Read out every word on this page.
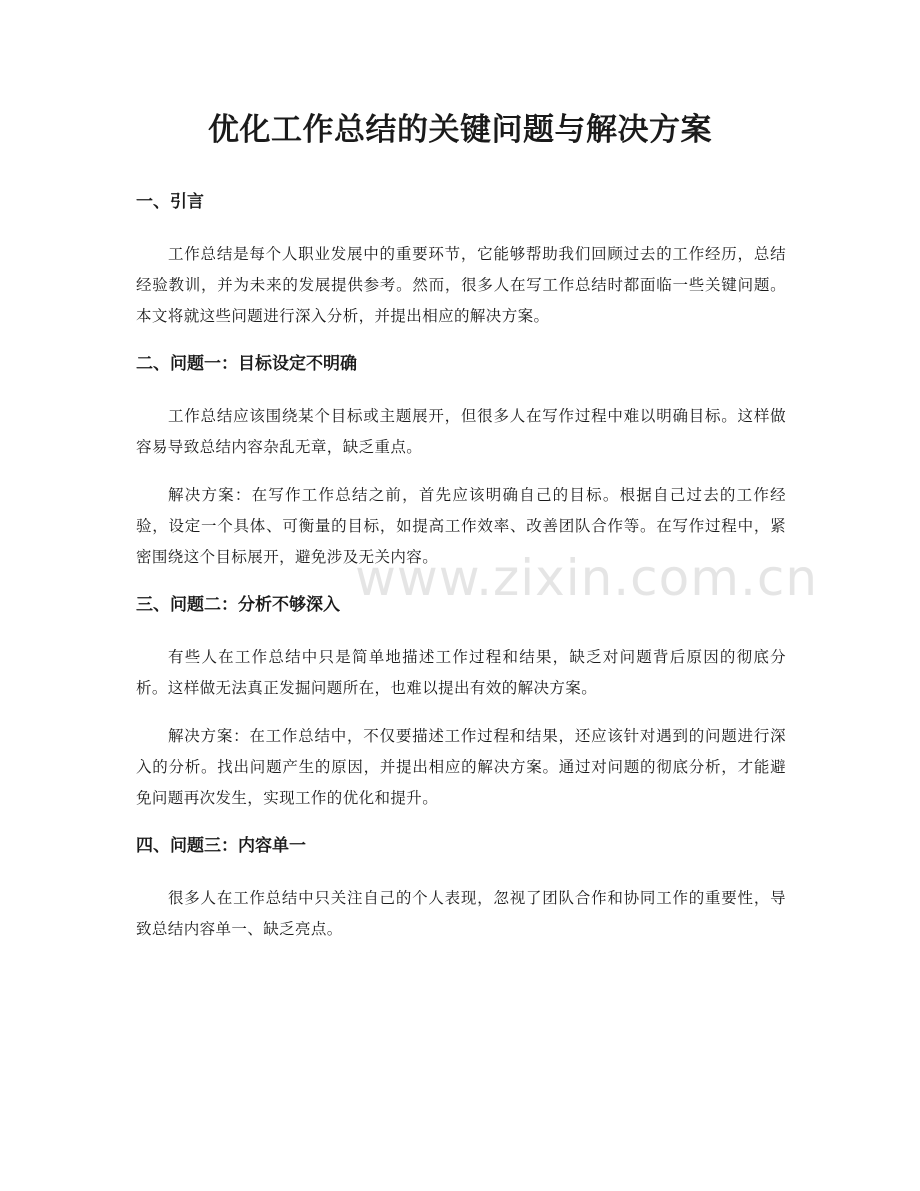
优化工作总结的关键问题与解决方案
www.zixin.com.cn
一、引言

工作总结是每个人职业发展中的重要环节，它能够帮助我们回顾过去的工作经历，总结经验教训，并为未来的发展提供参考。然而，很多人在写工作总结时都面临一些关键问题。本文将就这些问题进行深入分析，并提出相应的解决方案。

二、问题一：目标设定不明确

工作总结应该围绕某个目标或主题展开，但很多人在写作过程中难以明确目标。这样做容易导致总结内容杂乱无章，缺乏重点。

解决方案：在写作工作总结之前，首先应该明确自己的目标。根据自己过去的工作经验，设定一个具体、可衡量的目标，如提高工作效率、改善团队合作等。在写作过程中，紧密围绕这个目标展开，避免涉及无关内容。

三、问题二：分析不够深入

有些人在工作总结中只是简单地描述工作过程和结果，缺乏对问题背后原因的彻底分析。这样做无法真正发掘问题所在，也难以提出有效的解决方案。

解决方案：在工作总结中，不仅要描述工作过程和结果，还应该针对遇到的问题进行深入的分析。找出问题产生的原因，并提出相应的解决方案。通过对问题的彻底分析，才能避免问题再次发生，实现工作的优化和提升。

四、问题三：内容单一

很多人在工作总结中只关注自己的个人表现，忽视了团队合作和协同工作的重要性，导致总结内容单一、缺乏亮点。
